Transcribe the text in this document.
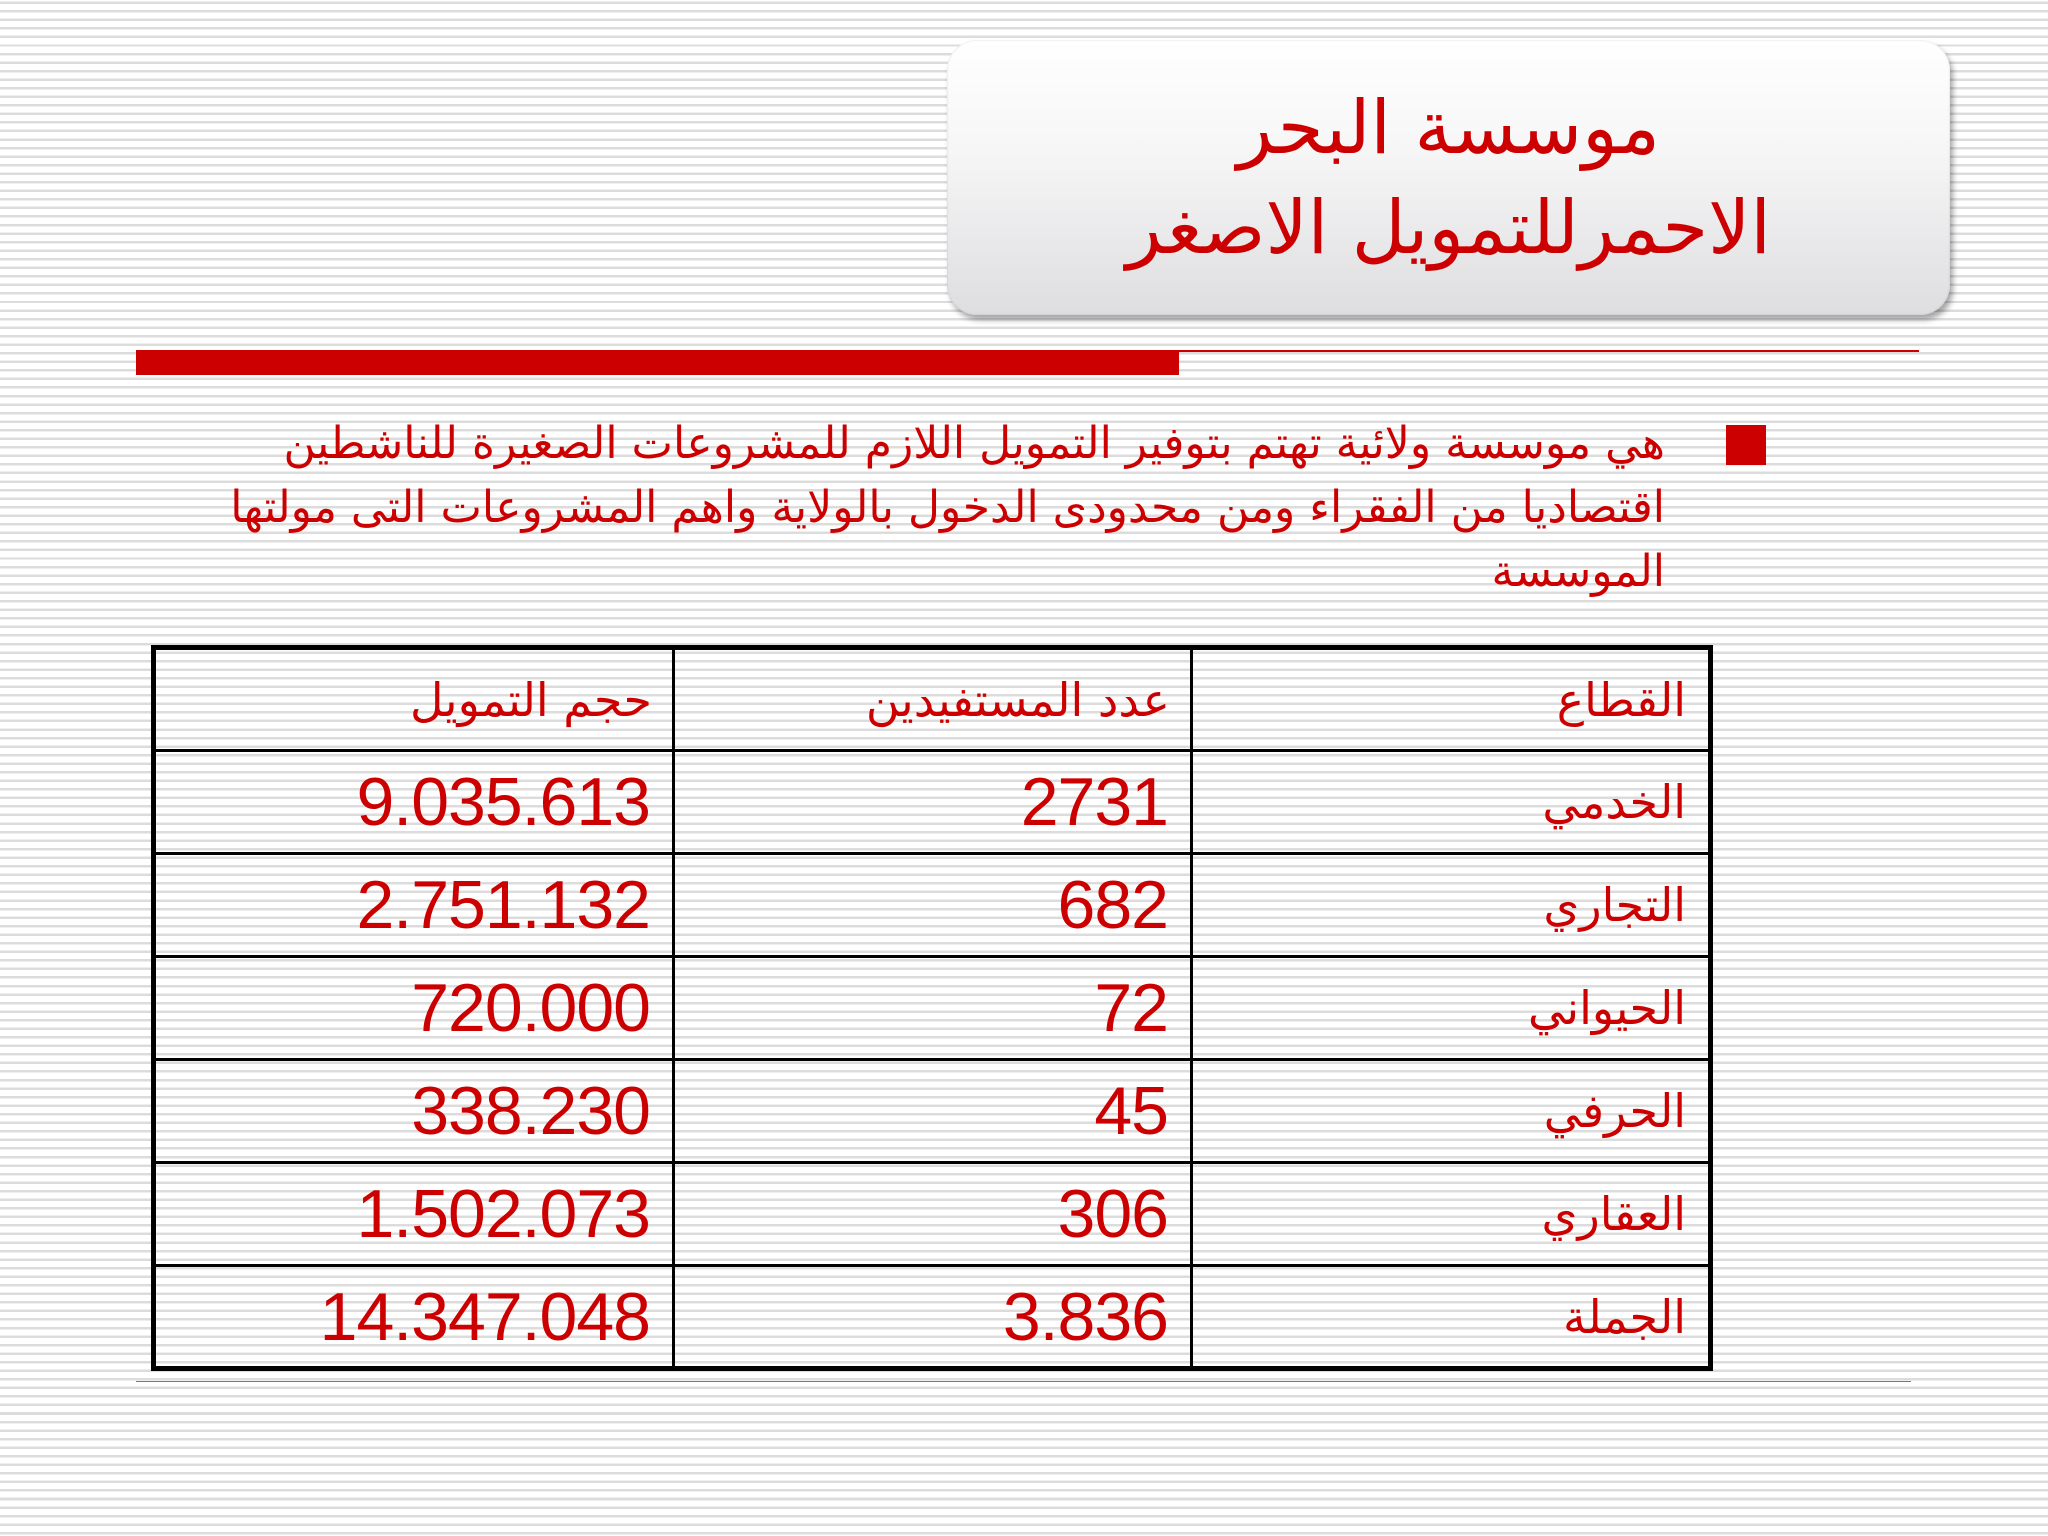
موسسة البحر
الاحمرللتمويل الاصغر
هي موسسة ولائية تهتم بتوفير التمويل اللازم للمشروعات الصغيرة للناشطين اقتصاديا من الفقراء ومن محدودى الدخول بالولاية واهم المشروعات التى مولتها الموسسة
القطاع	عدد المستفيدين	حجم التمويل
الخدمي	2731	9.035.613
التجاري	682	2.751.132
الحيواني	72	720.000
الحرفي	45	338.230
العقاري	306	1.502.073
الجملة	3.836	14.347.048
